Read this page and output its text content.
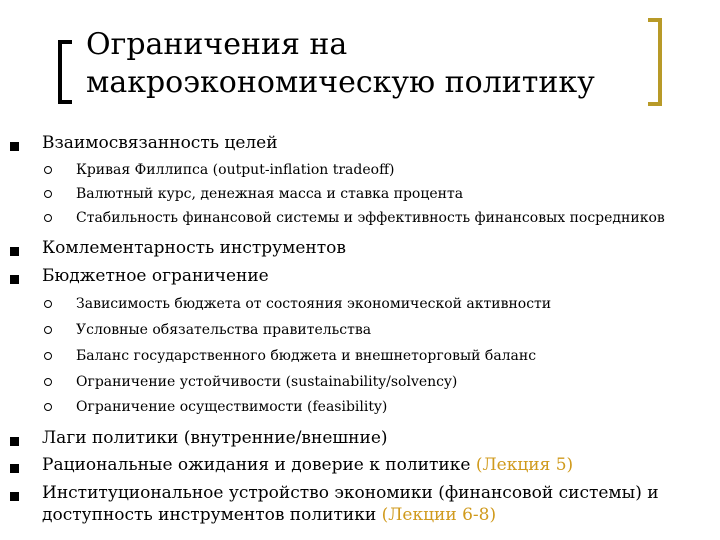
Ограничения на
макроэкономическую политику
Взаимосвязанность целей
Кривая Филлипса (output-inflation tradeoff)
Валютный курс, денежная масса и ставка процента
Стабильность финансовой системы и эффективность финансовых посредников
Комлементарность инструментов
Бюджетное ограничение
Зависимость бюджета от состояния экономической активности
Условные обязательства правительства
Баланс государственного бюджета и внешнеторговый баланс
Ограничение устойчивости (sustainability/solvency)
Ограничение осуществимости (feasibility)
Лаги политики (внутренние/внешние)
Рациональные ожидания и доверие к политике (Лекция 5)
Институциональное устройство экономики (финансовой системы) и доступность инструментов политики (Лекции 6-8)
